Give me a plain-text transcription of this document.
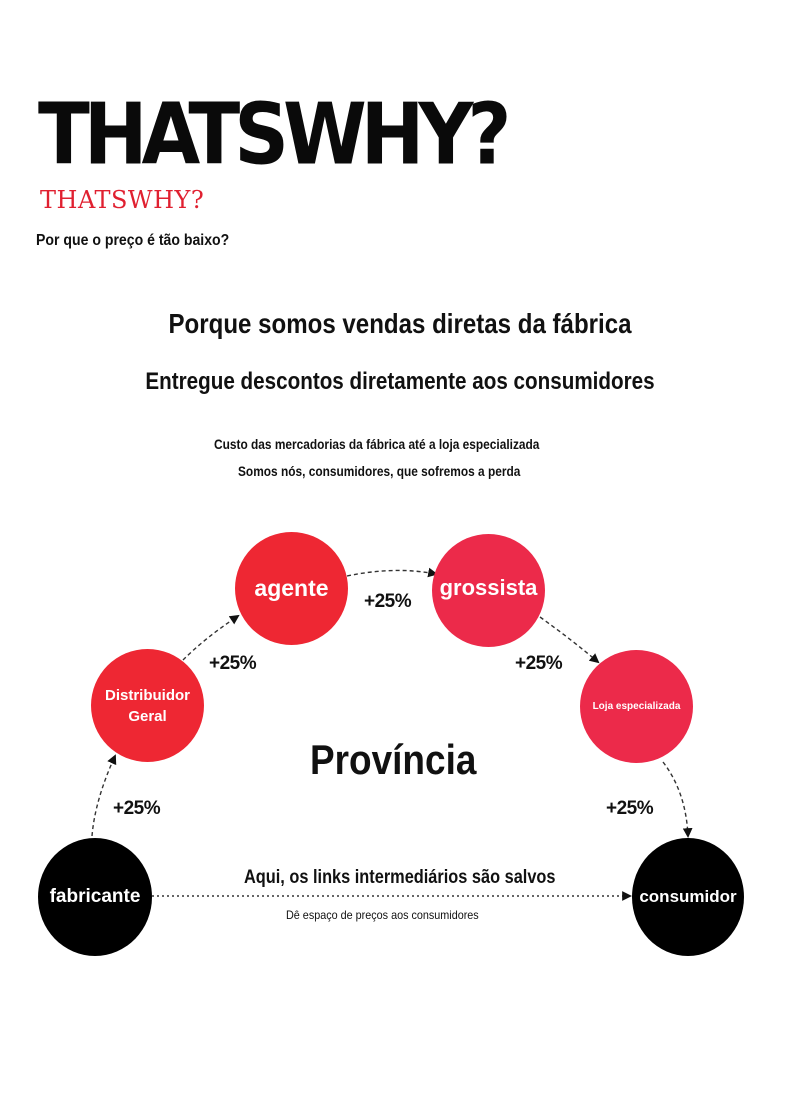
THATSWHY?
THATSWHY?
Por que o preço é tão baixo?
Porque somos vendas diretas da fábrica
Entregue descontos diretamente aos consumidores
Custo das mercadorias da fábrica até a loja especializada
Somos nós, consumidores, que sofremos a perda
Distribuidor
Geral
agente	grossista
Loja especializada
fabricante	consumidor
+25%
+25%
+25%
+25%
+25%
Província
Aqui, os links intermediários são salvos
Dê espaço de preços aos consumidores
